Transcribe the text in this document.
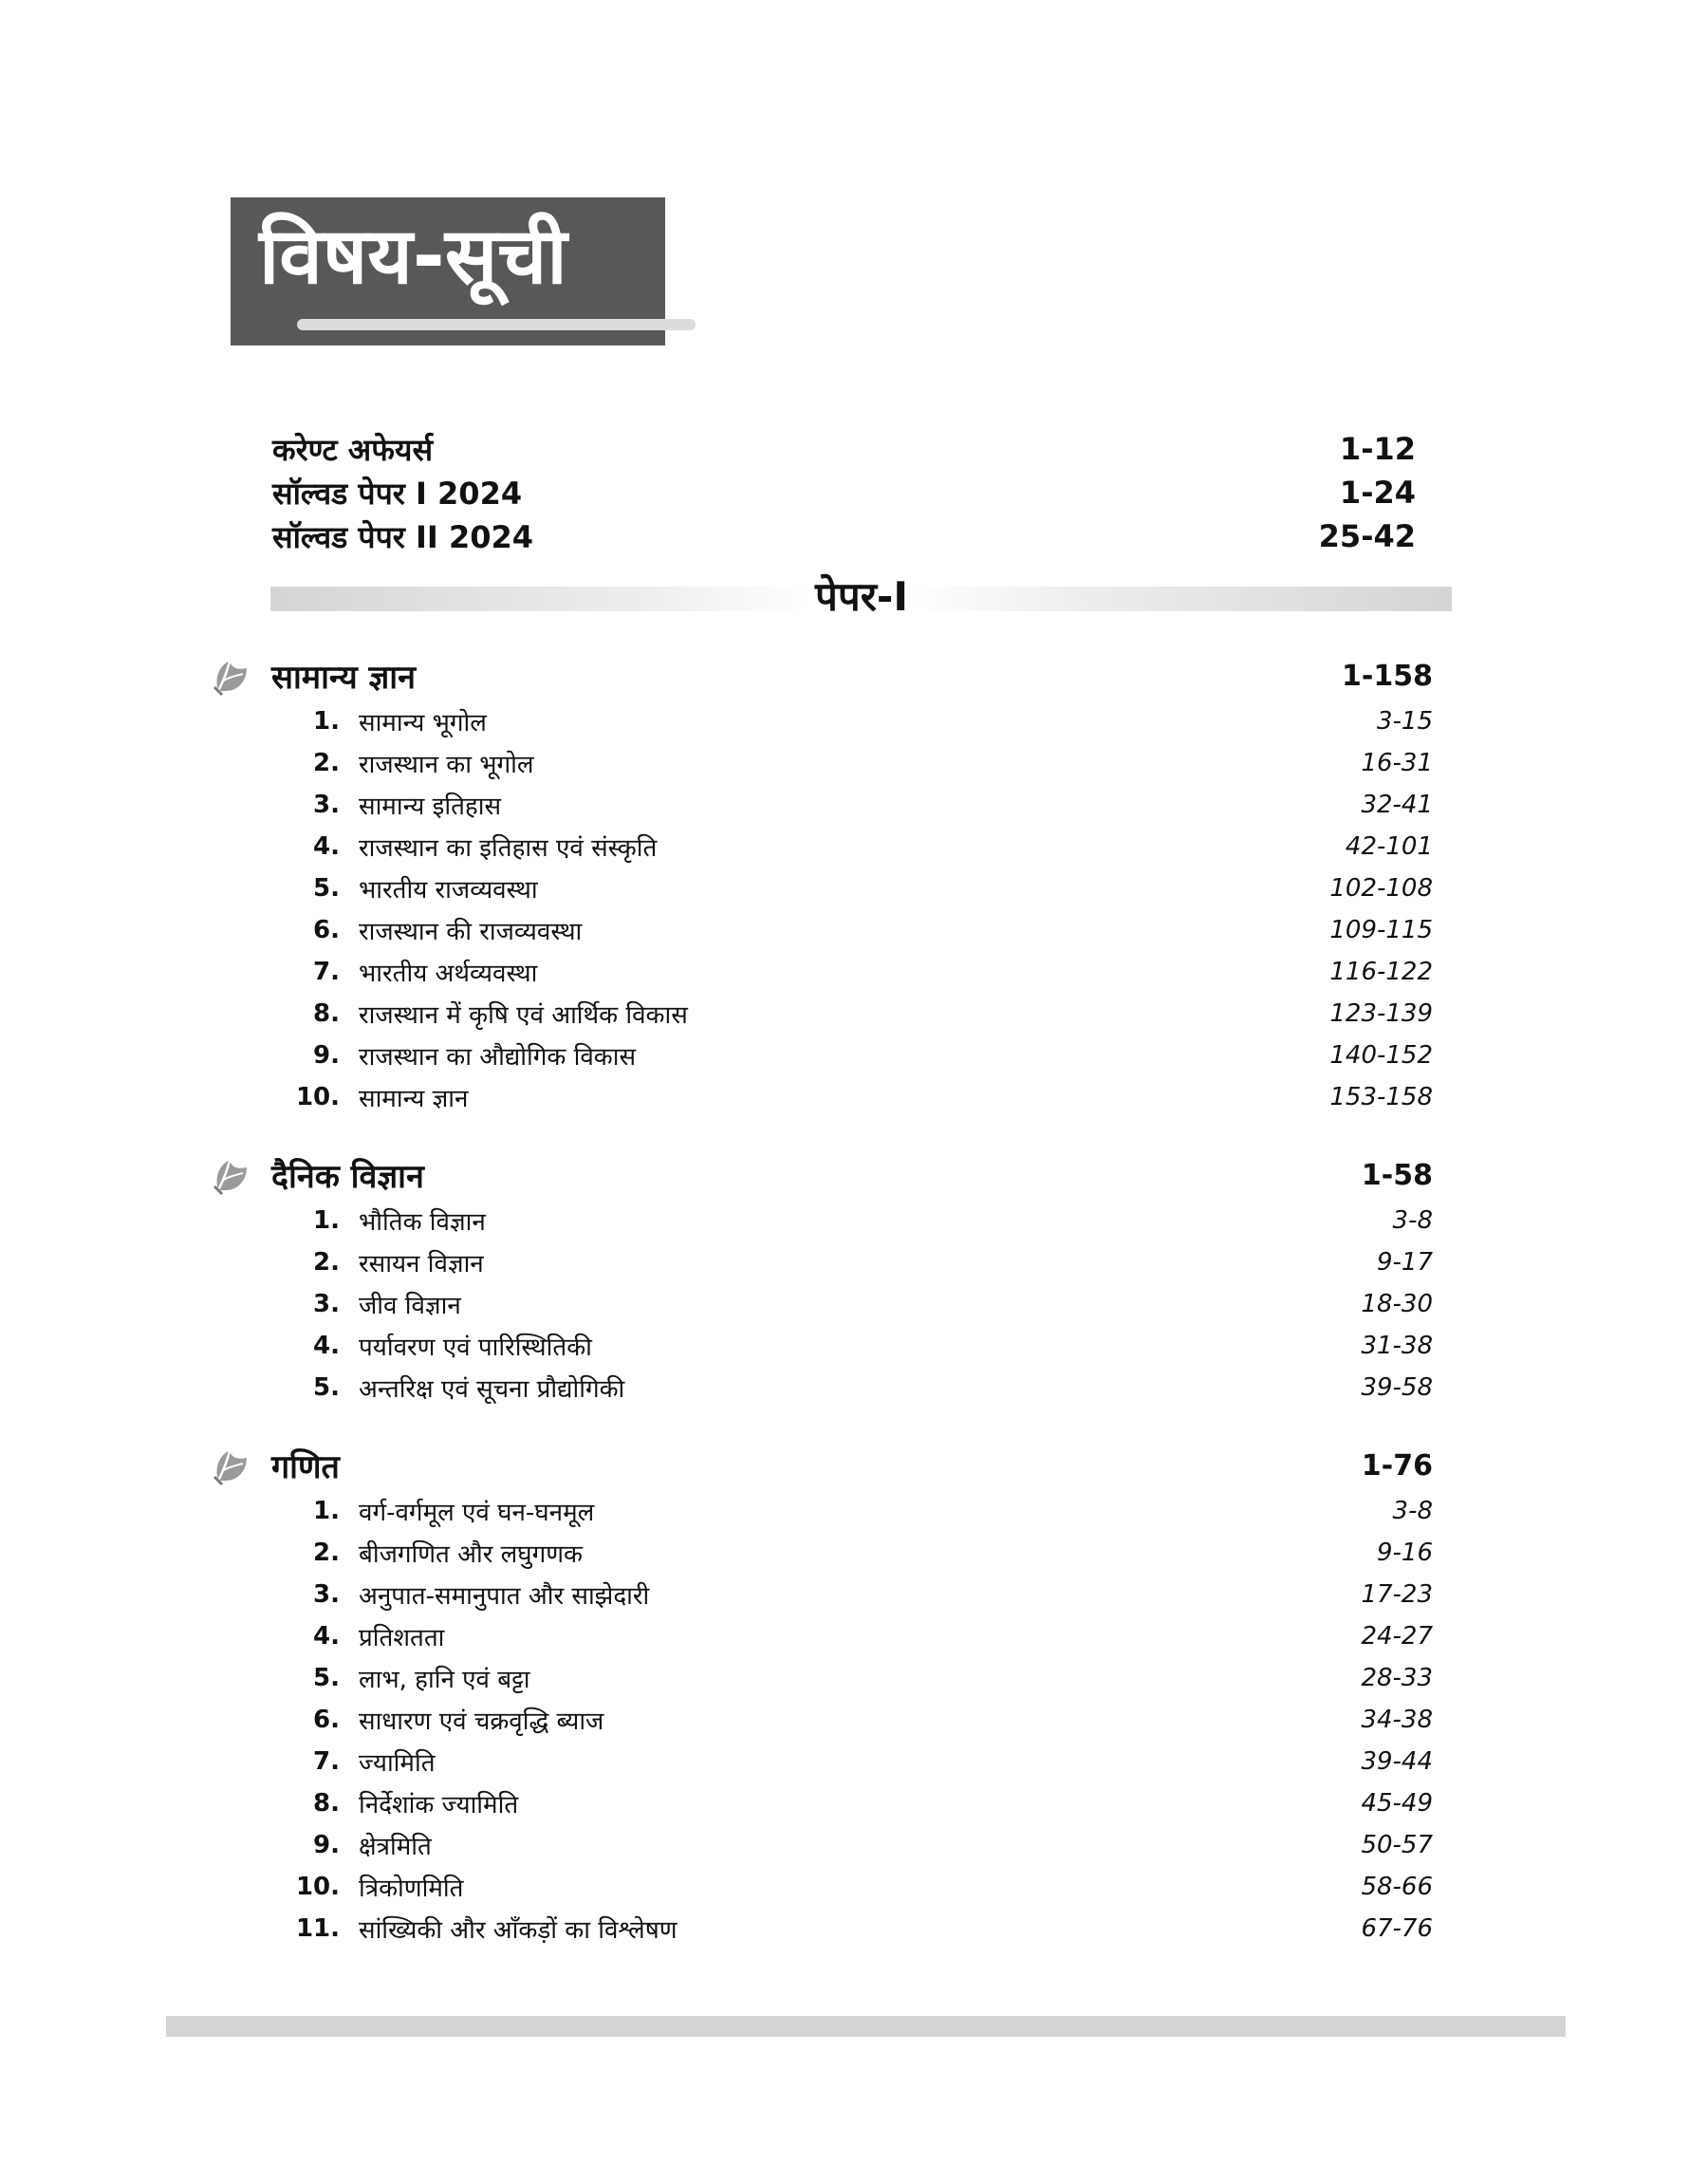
विषय-सूची
करेण्ट अफेयर्स	1-12
सॉल्वड पेपर I 2024	1-24
सॉल्वड पेपर II 2024	25-42
पेपर-I
सामान्य ज्ञान	1-158
1. सामान्य भूगोल	3-15
2. राजस्थान का भूगोल	16-31
3. सामान्य इतिहास	32-41
4. राजस्थान का इतिहास एवं संस्कृति	42-101
5. भारतीय राजव्यवस्था	102-108
6. राजस्थान की राजव्यवस्था	109-115
7. भारतीय अर्थव्यवस्था	116-122
8. राजस्थान में कृषि एवं आर्थिक विकास	123-139
9. राजस्थान का औद्योगिक विकास	140-152
10. सामान्य ज्ञान	153-158
दैनिक विज्ञान	1-58
1. भौतिक विज्ञान	3-8
2. रसायन विज्ञान	9-17
3. जीव विज्ञान	18-30
4. पर्यावरण एवं पारिस्थितिकी	31-38
5. अन्तरिक्ष एवं सूचना प्रौद्योगिकी	39-58
गणित	1-76
1. वर्ग-वर्गमूल एवं घन-घनमूल	3-8
2. बीजगणित और लघुगणक	9-16
3. अनुपात-समानुपात और साझेदारी	17-23
4. प्रतिशतता	24-27
5. लाभ, हानि एवं बट्टा	28-33
6. साधारण एवं चक्रवृद्धि ब्याज	34-38
7. ज्यामिति	39-44
8. निर्देशांक ज्यामिति	45-49
9. क्षेत्रमिति	50-57
10. त्रिकोणमिति	58-66
11. सांख्यिकी और आँकड़ों का विश्लेषण	67-76
